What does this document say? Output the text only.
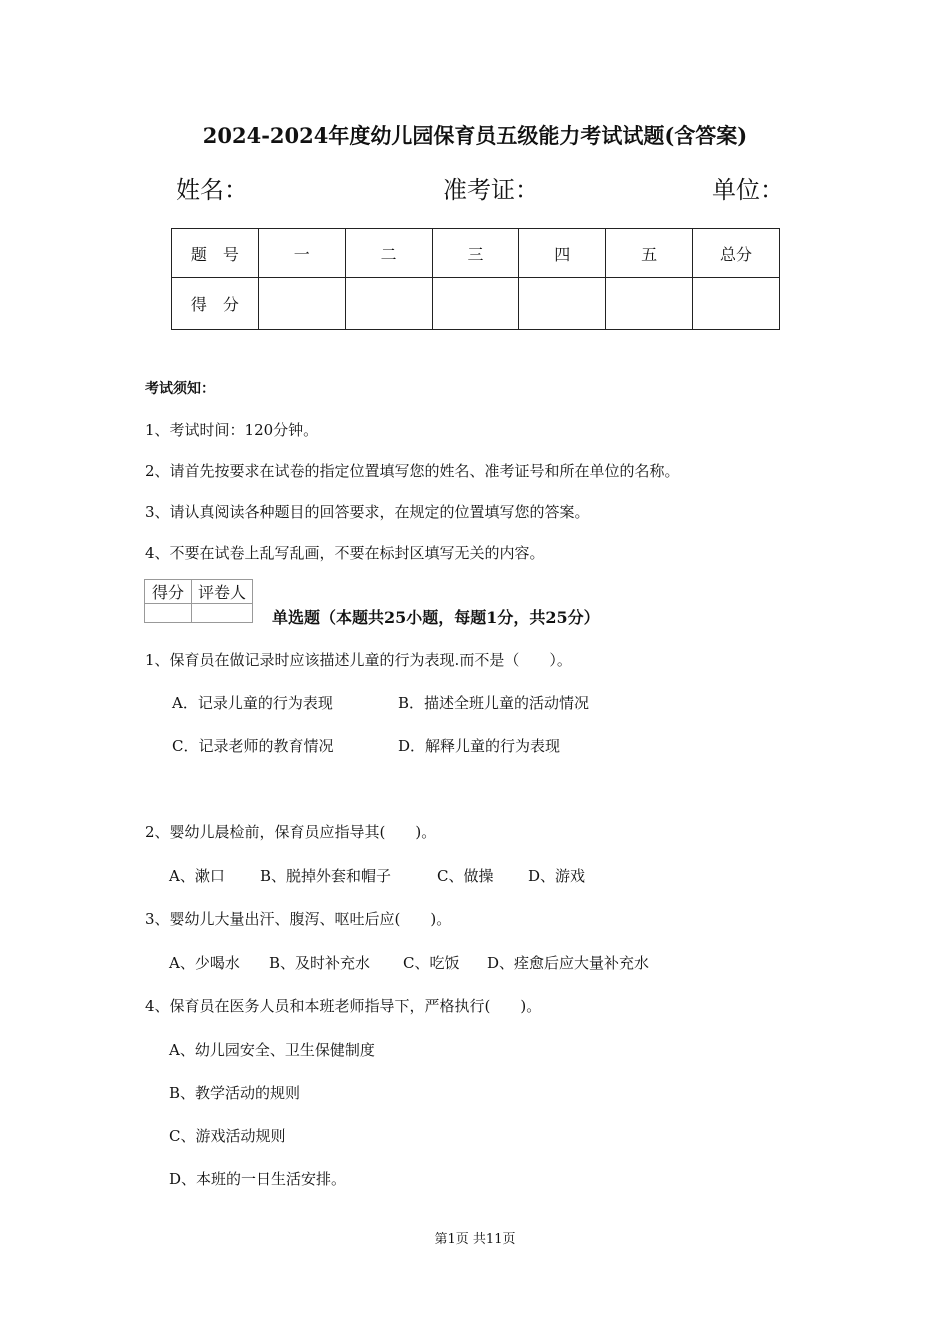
2024-2024年度幼儿园保育员五级能力考试试题(含答案)
姓名：	准考证：	单位：
题　号	一	二	三	四	五	总分
得　分						
考试须知：
1、考试时间：120分钟。
2、请首先按要求在试卷的指定位置填写您的姓名、准考证号和所在单位的名称。
3、请认真阅读各种题目的回答要求，在规定的位置填写您的答案。
4、不要在试卷上乱写乱画，不要在标封区填写无关的内容。
得分	评卷人

单选题（本题共25小题，每题1分，共25分）
1、保育员在做记录时应该描述儿童的行为表现.而不是（　　）。
A．记录儿童的行为表现	B．描述全班儿童的活动情况
C．记录老师的教育情况	D．解释儿童的行为表现
2、婴幼儿晨检前，保育员应指导其(　　)。
A、漱口 B、脱掉外套和帽子	C、做操 D、游戏
3、婴幼儿大量出汗、腹泻、呕吐后应(　　)。
A、少喝水 B、及时补充水 C、吃饭 D、痊愈后应大量补充水
4、保育员在医务人员和本班老师指导下，严格执行(　　)。
A、幼儿园安全、卫生保健制度
B、教学活动的规则
C、游戏活动规则
D、本班的一日生活安排。
第1页 共11页
